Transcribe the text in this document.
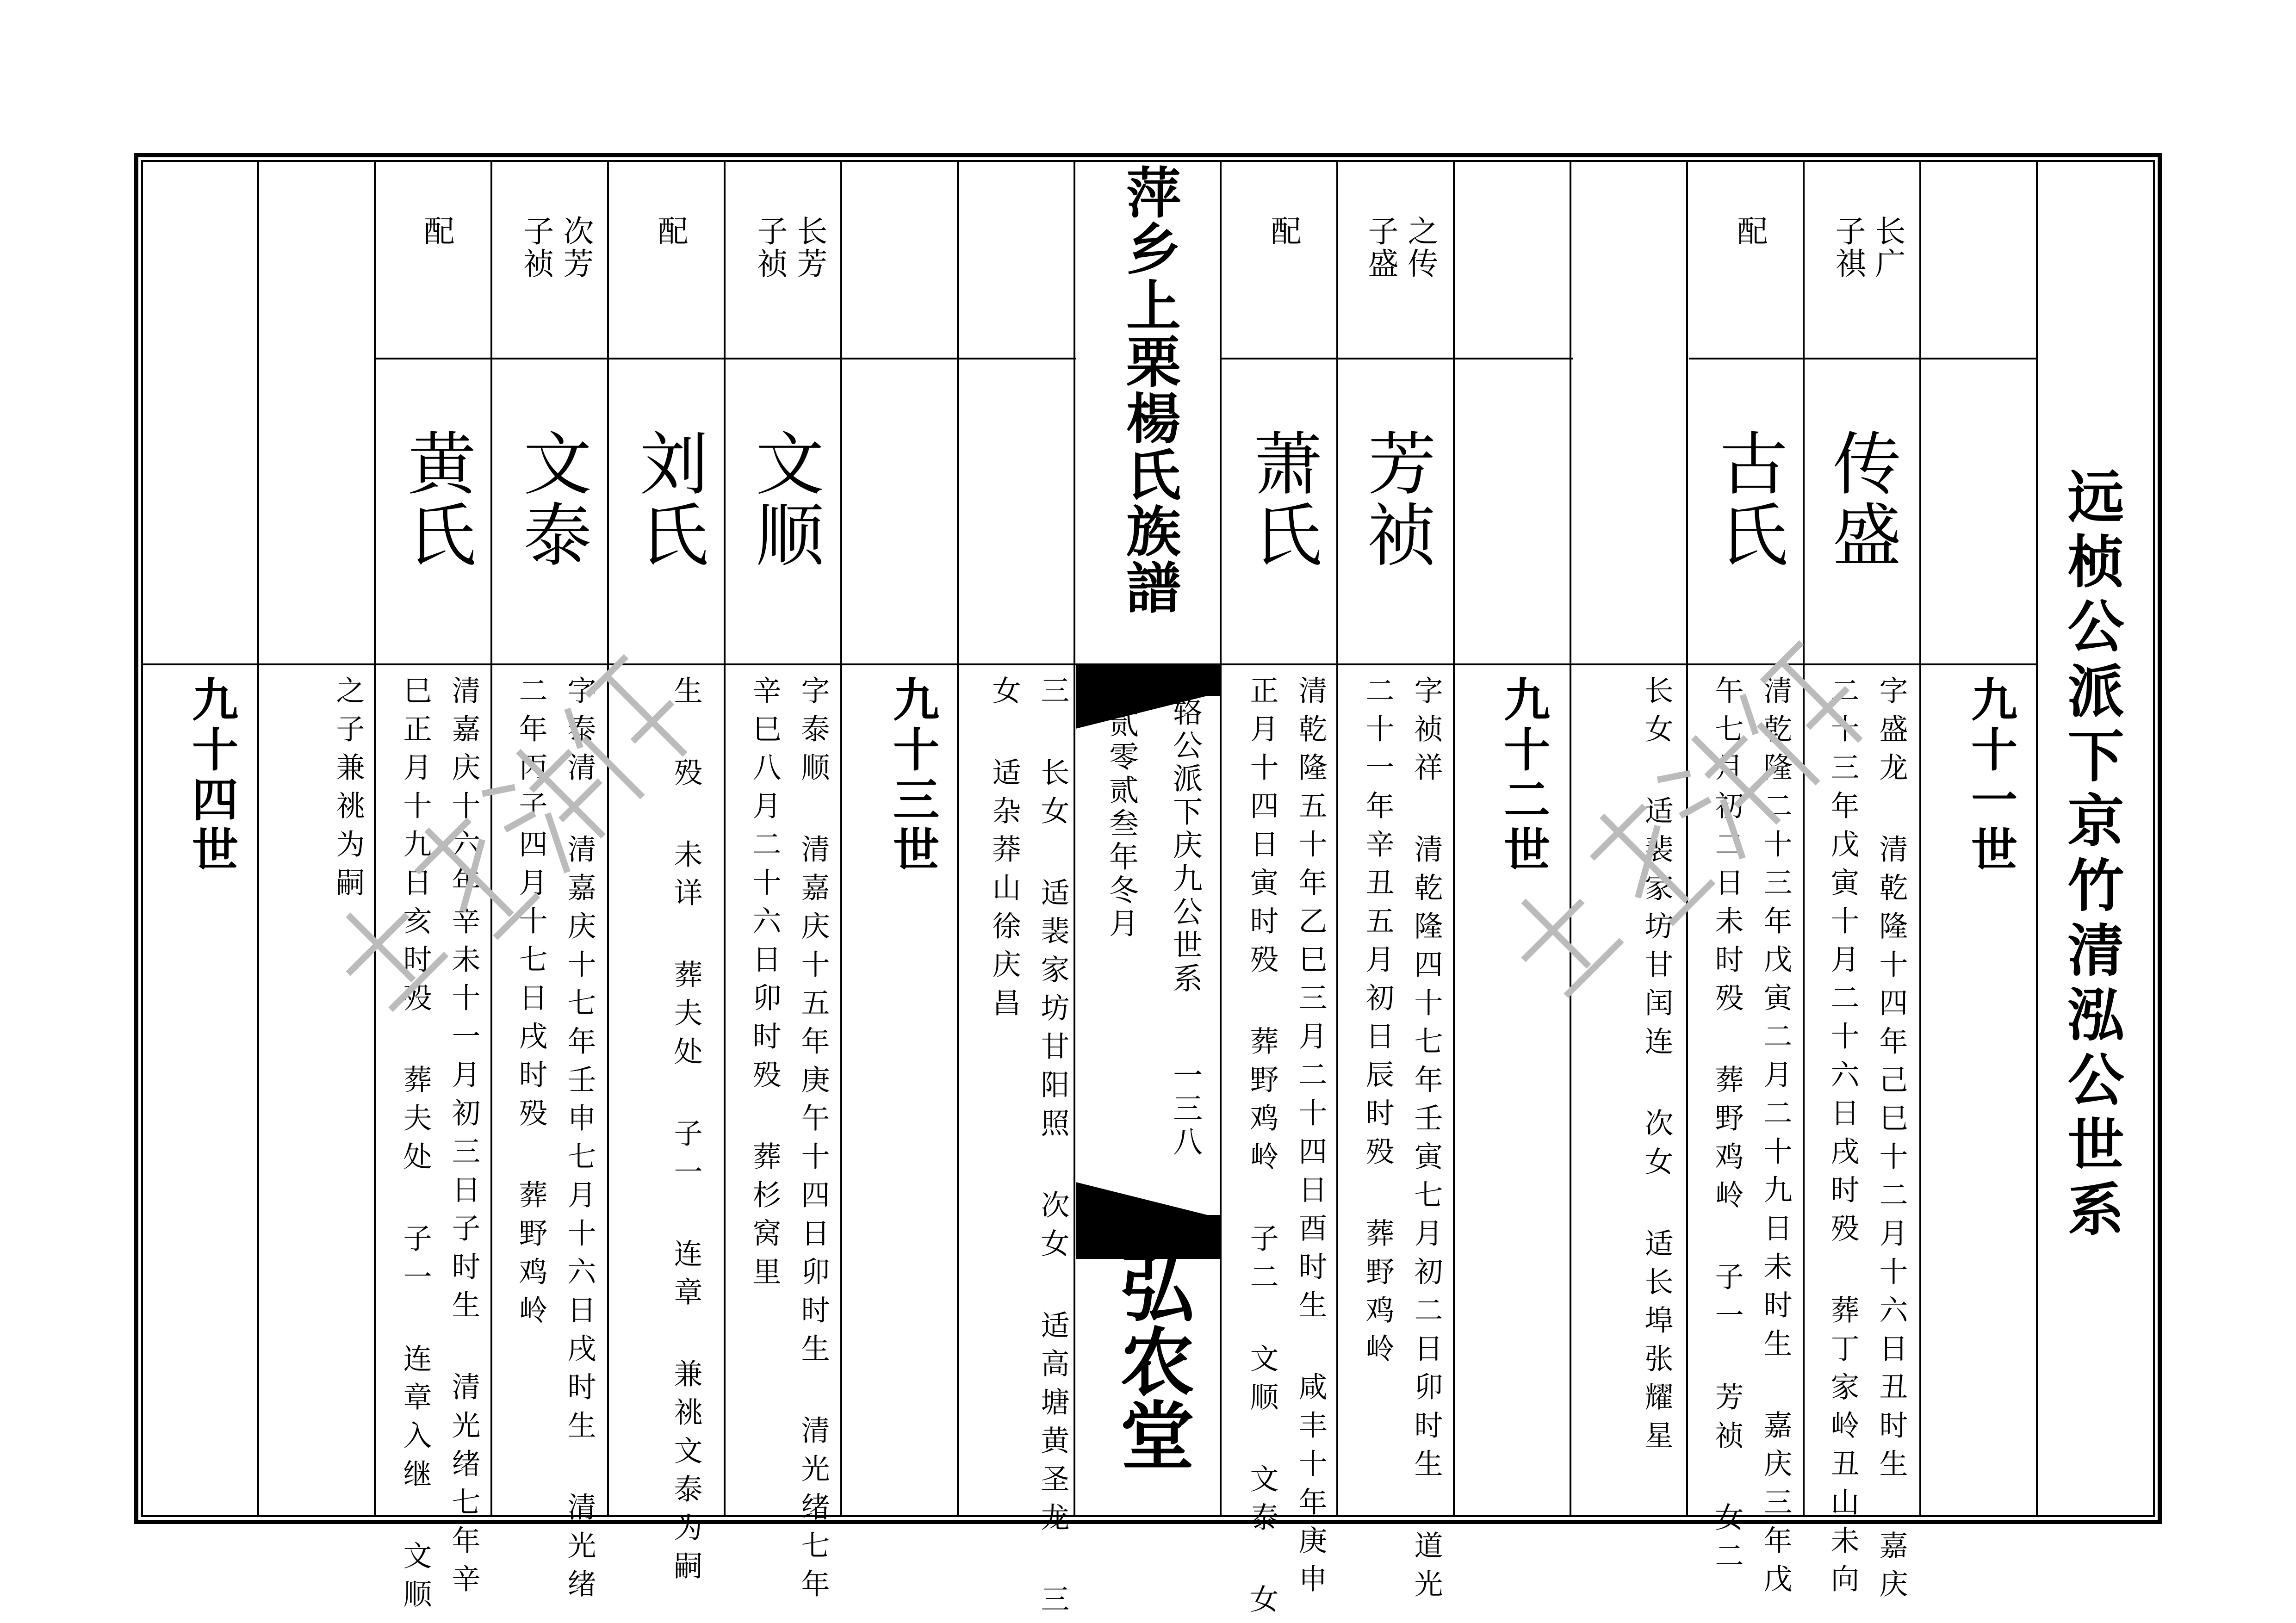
远桢公派下京竹清泓公世系
九十一世
九十二世
九十三世
九十四世
萍乡上栗楊氏族譜
辂公派下庆九公世系
贰零贰叁年冬月
一三八
弘农堂
长广
子祺
传盛
字盛龙 清乾隆十四年己巳十二月十六日丑时生 嘉庆
二十三年戊寅十月二十六日戌时殁 葬丁家岭丑山未向
配
古氏
清乾隆二十三年戊寅二月二十九日未时生 嘉庆三年戊
午七月初二日未时殁 葬野鸡岭 子一 芳祯 女二
长女 适裴家坊甘闰连 次女 适长埠张耀星
之传
子盛
芳祯
字祯祥 清乾隆四十七年壬寅七月初二日卯时生 道光
二十一年辛丑五月初日辰时殁 葬野鸡岭
配
萧氏
清乾隆五十年乙巳三月二十四日酉时生 咸丰十年庚申
正月十四日寅时殁 葬野鸡岭 子二 文顺 文泰 女
三 长女 适裴家坊甘阳照 次女 适高塘黄圣龙 三
女 适杂莽山徐庆昌
长芳
子祯
文顺
字泰顺 清嘉庆十五年庚午十四日卯时生 清光绪七年
辛巳八月二十六日卯时殁 葬杉窝里
配
刘氏
生 殁 未详 葬夫处 子一 连章 兼祧文泰为嗣
次芳
子祯
文泰
字泰清 清嘉庆十七年壬申七月十六日戌时生 清光绪
二年丙子四月十七日戌时殁 葬野鸡岭
配
黄氏
清嘉庆十六年辛未十一月初三日子时生 清光绪七年辛
巳正月十九日亥时殁 葬夫处 子一 连章入继 文顺
之子兼祧为嗣
